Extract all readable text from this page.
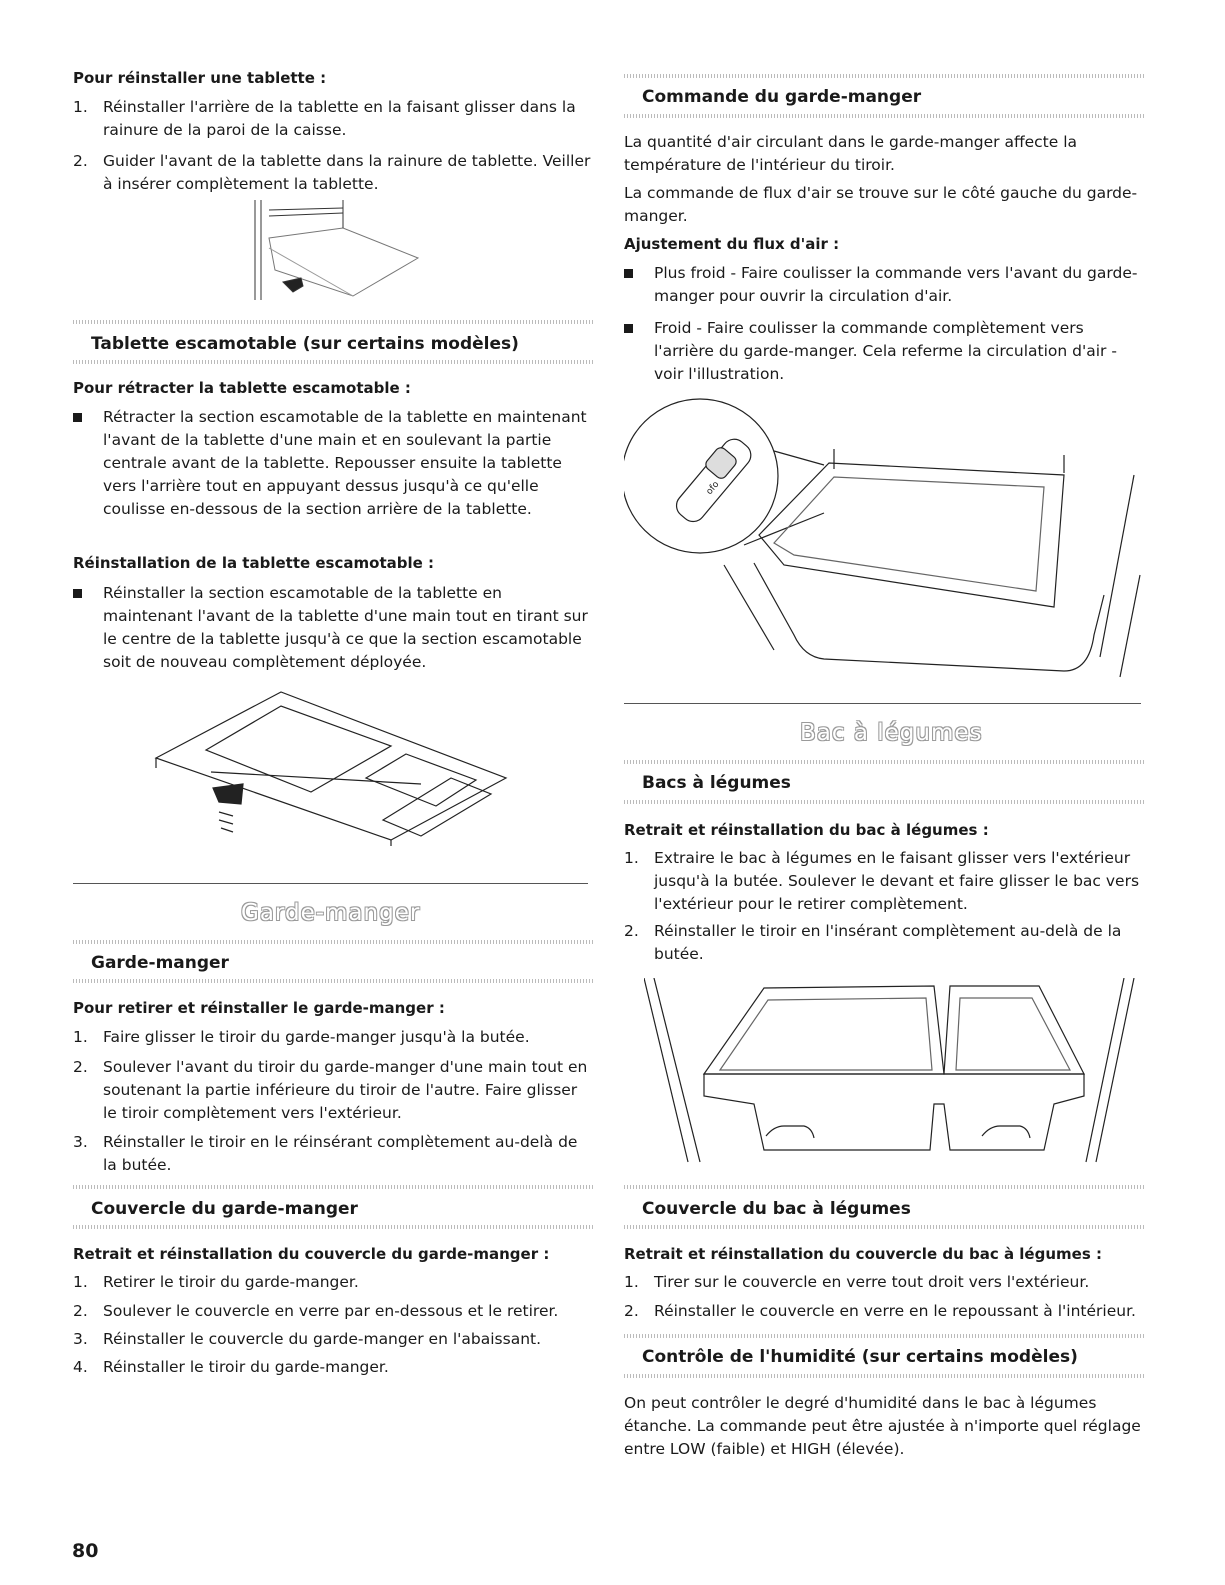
Pour réinstaller une tablette :
1. Réinstaller l'arrière de la tablette en la faisant glisser dans la rainure de la paroi de la caisse.
2. Guider l'avant de la tablette dans la rainure de tablette. Veiller à insérer complètement la tablette.
Tablette escamotable (sur certains modèles)
Pour rétracter la tablette escamotable :
Rétracter la section escamotable de la tablette en maintenant l'avant de la tablette d'une main et en soulevant la partie centrale avant de la tablette. Repousser ensuite la tablette vers l'arrière tout en appuyant dessus jusqu'à ce qu'elle coulisse en-dessous de la section arrière de la tablette.
Réinstallation de la tablette escamotable :
Réinstaller la section escamotable de la tablette en maintenant l'avant de la tablette d'une main tout en tirant sur le centre de la tablette jusqu'à ce que la section escamotable soit de nouveau complètement déployée.
Garde-manger
Garde-manger
Pour retirer et réinstaller le garde-manger :
1. Faire glisser le tiroir du garde-manger jusqu'à la butée.
2. Soulever l'avant du tiroir du garde-manger d'une main tout en soutenant la partie inférieure du tiroir de l'autre. Faire glisser le tiroir complètement vers l'extérieur.
3. Réinstaller le tiroir en le réinsérant complètement au-delà de la butée.
Couvercle du garde-manger
Retrait et réinstallation du couvercle du garde-manger :
1. Retirer le tiroir du garde-manger.
2. Soulever le couvercle en verre par en-dessous et le retirer.
3. Réinstaller le couvercle du garde-manger en l'abaissant.
4. Réinstaller le tiroir du garde-manger.
Commande du garde-manger

La quantité d'air circulant dans le garde-manger affecte la température de l'intérieur du tiroir.

La commande de flux d'air se trouve sur le côté gauche du garde-manger.

Ajustement du flux d'air :
Plus froid - Faire coulisser la commande vers l'avant du garde-manger pour ouvrir la circulation d'air.
Froid - Faire coulisser la commande complètement vers l'arrière du garde-manger. Cela referme la circulation d'air - voir l'illustration.
ofo
Bac à légumes
Bacs à légumes
Retrait et réinstallation du bac à légumes :
1. Extraire le bac à légumes en le faisant glisser vers l'extérieur jusqu'à la butée. Soulever le devant et faire glisser le bac vers l'extérieur pour le retirer complètement.
2. Réinstaller le tiroir en l'insérant complètement au-delà de la butée.
Couvercle du bac à légumes
Retrait et réinstallation du couvercle du bac à légumes :
1. Tirer sur le couvercle en verre tout droit vers l'extérieur.
2. Réinstaller le couvercle en verre en le repoussant à l'intérieur.
Contrôle de l'humidité (sur certains modèles)

On peut contrôler le degré d'humidité dans le bac à légumes étanche. La commande peut être ajustée à n'importe quel réglage entre LOW (faible) et HIGH (élevée).

80
